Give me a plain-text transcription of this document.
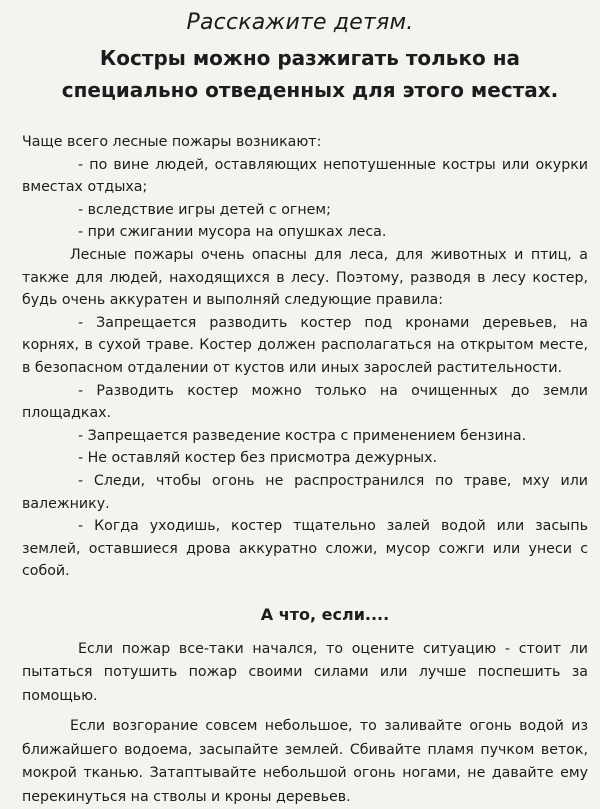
Расскажите детям.
Костры можно разжигать только на специально отведенных для этого местах.

Чаще всего лесные пожары возникают:

- по вине людей, оставляющих непотушенные костры или окурки вместах отдыха;

- вследствие игры детей с огнем;

- при сжигании мусора на опушках леса.

Лесные пожары очень опасны для леса, для животных и птиц, а также для людей, находящихся в лесу. Поэтому, разводя в лесу костер, будь очень аккуратен и выполняй следующие правила:

- Запрещается разводить костер под кронами деревьев, на корнях, в сухой траве. Костер должен располагаться на открытом месте, в безопасном отдалении от кустов или иных зарослей растительности.

- Разводить костер можно только на очищенных до земли площадках.

- Запрещается разведение костра с применением бензина.

- Не оставляй костер без присмотра дежурных.

- Следи, чтобы огонь не распространился по траве, мху или валежнику.

- Когда уходишь, костер тщательно залей водой или засыпь землей, оставшиеся дрова аккуратно сложи, мусор сожги или унеси с собой.

А что, если....

Если пожар все-таки начался, то оцените ситуацию - стоит ли пытаться потушить пожар своими силами или лучше поспешить за помощью.

Если возгорание совсем небольшое, то заливайте огонь водой из ближайшего водоема, засыпайте землей. Сбивайте пламя пучком веток, мокрой тканью. Затаптывайте небольшой огонь ногами, не давайте ему перекинуться на стволы и кроны деревьев.
